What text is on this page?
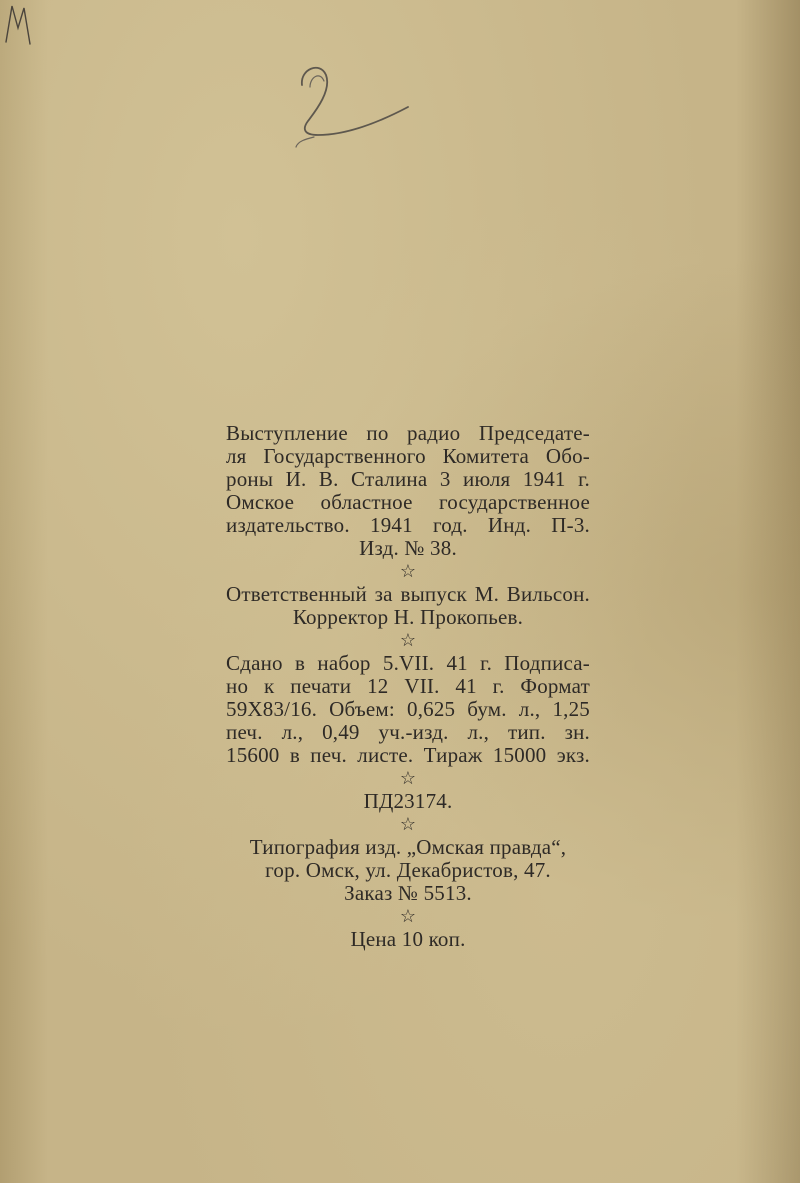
Выступление по радио Председате-
ля Государственного Комитета Обо-
роны И. В. Сталина 3 июля 1941 г.
Омское областное государственное
издательство. 1941 год. Инд. П-3.
Изд. № 38.
☆
Ответственный за выпуск М. Вильсон.
Корректор Н. Прокопьев.
☆
Сдано в набор 5.VII. 41 г. Подписа-
но к печати 12 VII. 41 г. Формат
59Х83/16. Объем: 0,625 бум. л., 1,25
печ. л., 0,49 уч.-изд. л., тип. зн.
15600 в печ. листе. Тираж 15000 экз.
☆
ПД23174.
☆
Типография изд. „Омская правда“,
гор. Омск, ул. Декабристов, 47.
Заказ № 5513.
☆
Цена 10 коп.
